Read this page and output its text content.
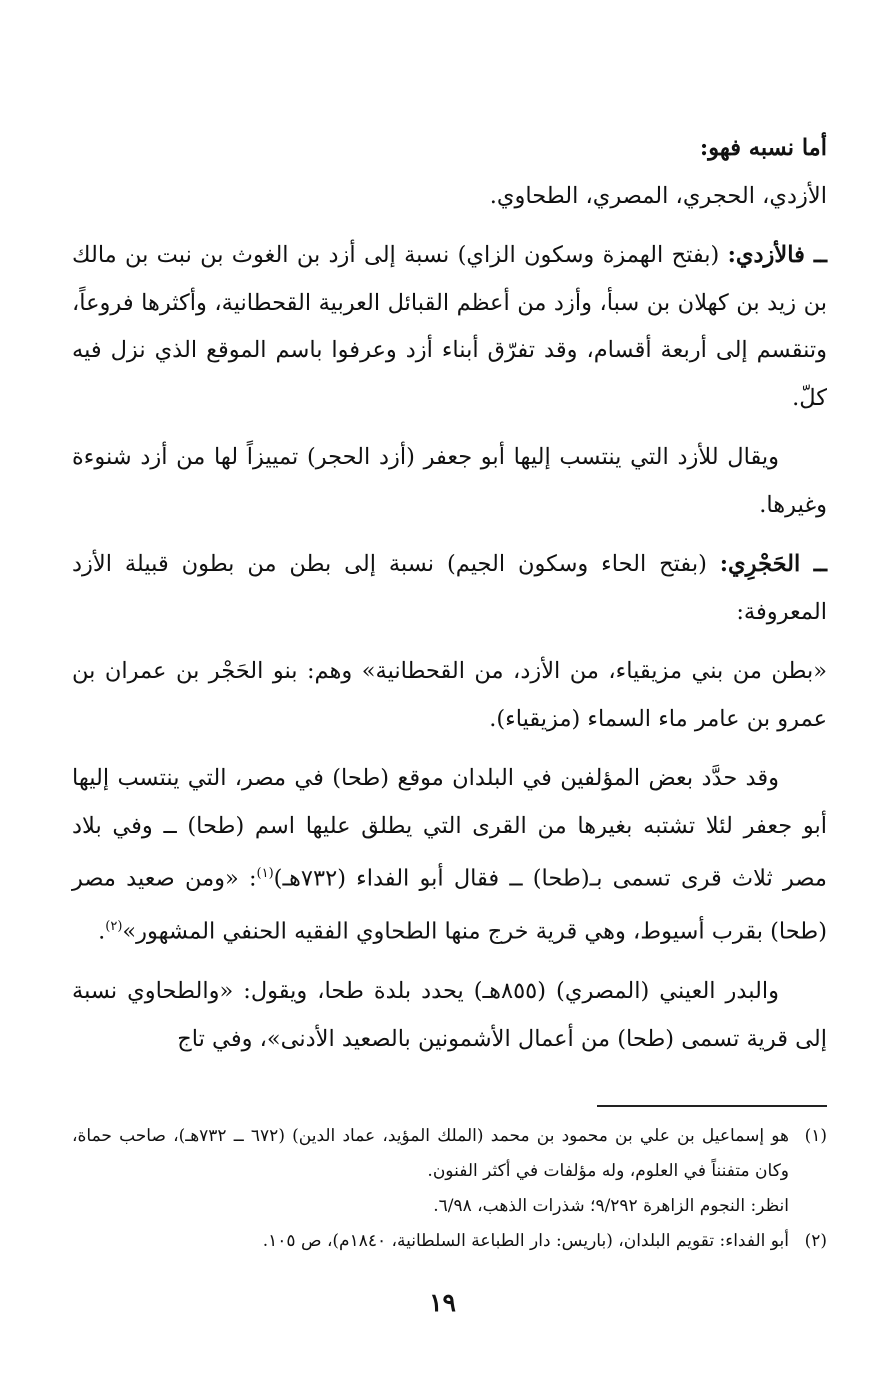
أما نسبه فهو:

الأزدي، الحجري، المصري، الطحاوي.

ــ فالأزدي: (بفتح الهمزة وسكون الزاي) نسبة إلى أزد بن الغوث بن نبت بن مالك بن زيد بن كهلان بن سبأ، وأزد من أعظم القبائل العربية القحطانية، وأكثرها فروعاً، وتنقسم إلى أربعة أقسام، وقد تفرّق أبناء أزد وعرفوا باسم الموقع الذي نزل فيه كلّ.

ويقال للأزد التي ينتسب إليها أبو جعفر (أزد الحجر) تمييزاً لها من أزد شنوءة وغيرها.

ــ الحَجْرِي: (بفتح الحاء وسكون الجيم) نسبة إلى بطن من بطون قبيلة الأزد المعروفة:

«بطن من بني مزيقياء، من الأزد، من القحطانية» وهم: بنو الحَجْر بن عمران بن عمرو بن عامر ماء السماء (مزيقياء).

وقد حدَّد بعض المؤلفين في البلدان موقع (طحا) في مصر، التي ينتسب إليها أبو جعفر لئلا تشتبه بغيرها من القرى التي يطلق عليها اسم (طحا) ــ وفي بلاد مصر ثلاث قرى تسمى بـ(طحا) ــ فقال أبو الفداء (٧٣٢هـ)$^{(١)}$: «ومن صعيد مصر (طحا) بقرب أسيوط، وهي قرية خرج منها الطحاوي الفقيه الحنفي المشهور»$^{(٢)}$.

والبدر العيني (المصري) (٨٥٥هـ) يحدد بلدة طحا، ويقول: «والطحاوي نسبة إلى قرية تسمى (طحا) من أعمال الأشمونين بالصعيد الأدنى»، وفي تاج

(١)
هو إسماعيل بن علي بن محمود بن محمد (الملك المؤيد، عماد الدين) (٦٧٢ ــ ٧٣٢هـ)، صاحب حماة، وكان متفنناً في العلوم، وله مؤلفات في أكثر الفنون.
انظر: النجوم الزاهرة ٩/٢٩٢؛ شذرات الذهب، ٦/٩٨.
(٢)
أبو الفداء: تقويم البلدان، (باريس: دار الطباعة السلطانية، ١٨٤٠م)، ص ١٠٥.
١٩
